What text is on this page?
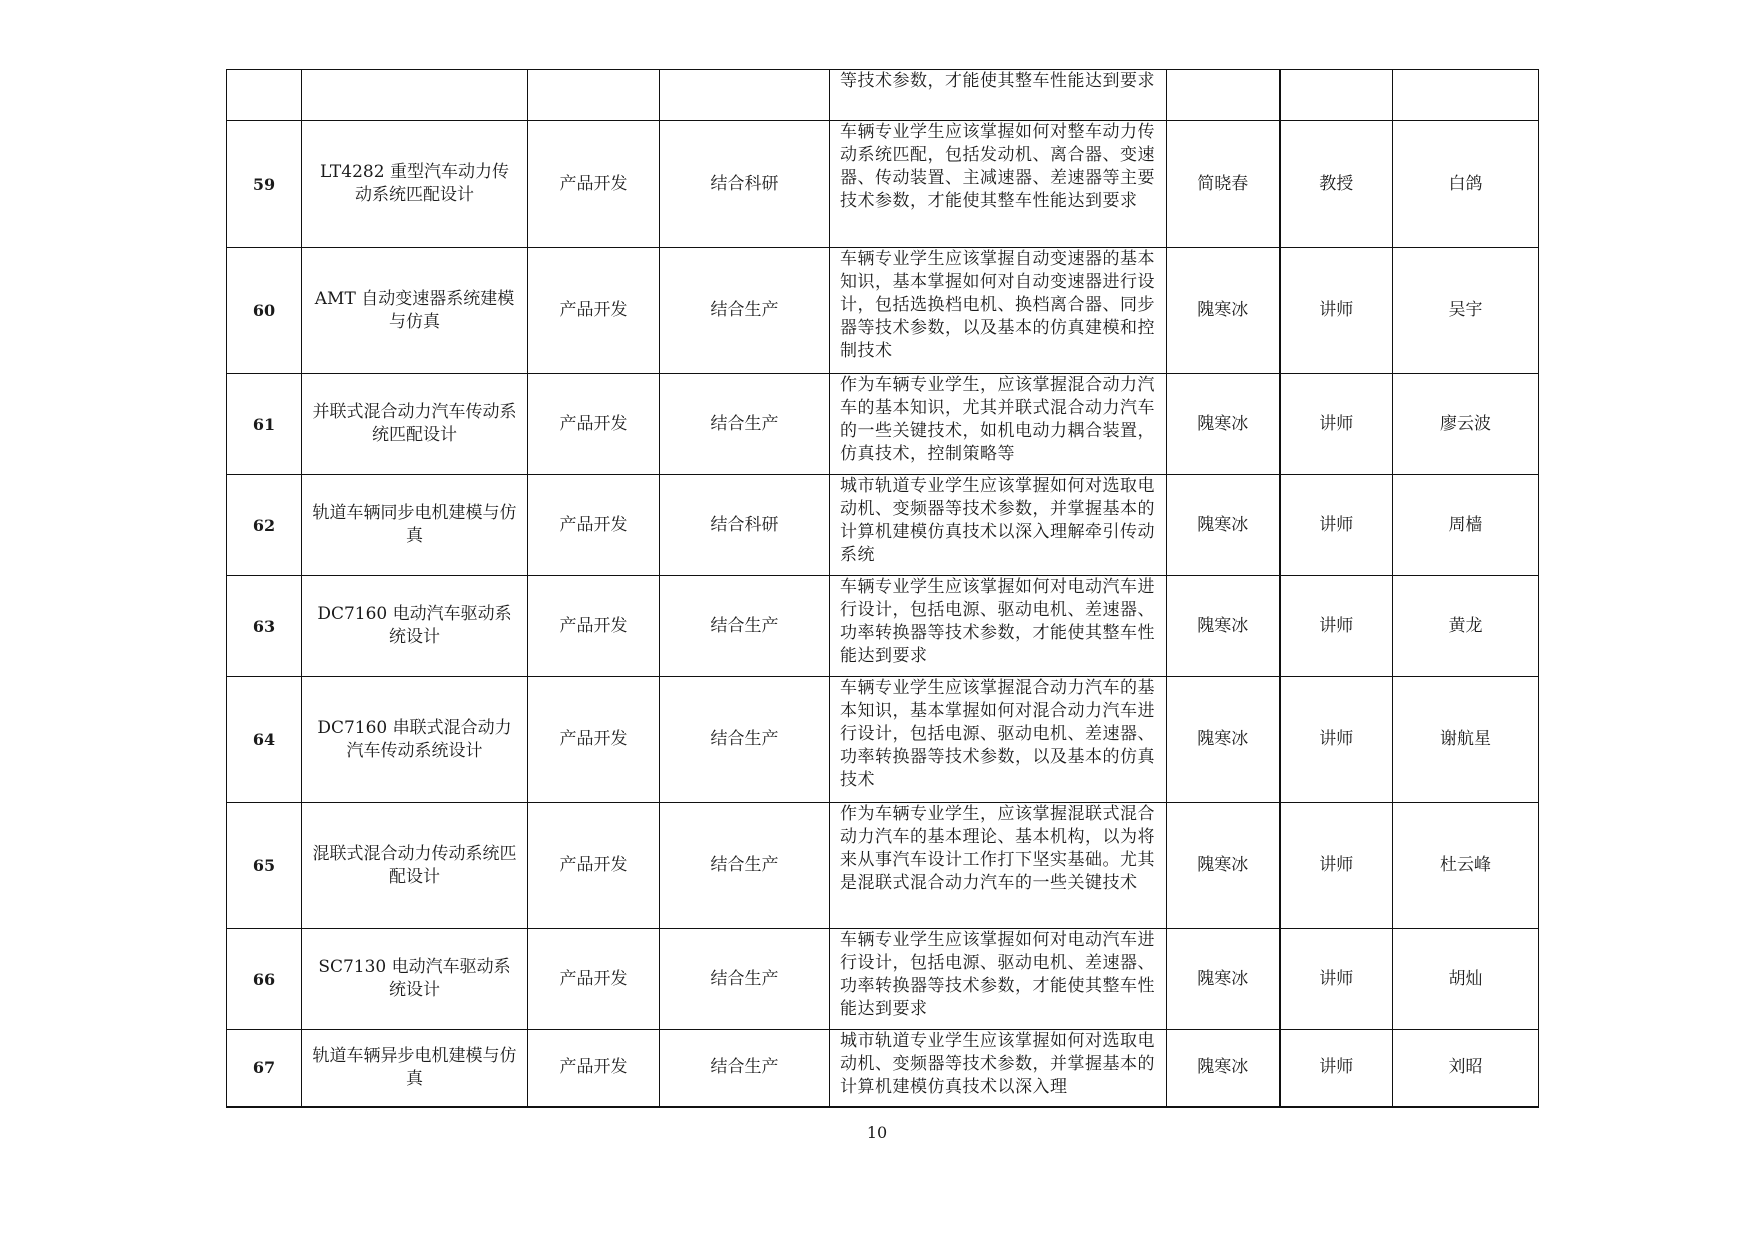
				等技术参数，才能使其整车性能达到要求			
59	LT4282 重型汽车动力传动系统匹配设计	产品开发	结合科研	车辆专业学生应该掌握如何对整车动力传动系统匹配，包括发动机、离合器、变速器、传动装置、主减速器、差速器等主要技术参数，才能使其整车性能达到要求	简晓春	教授	白鸽
60	AMT 自动变速器系统建模与仿真	产品开发	结合生产	车辆专业学生应该掌握自动变速器的基本知识，基本掌握如何对自动变速器进行设计，包括选换档电机、换档离合器、同步器等技术参数，以及基本的仿真建模和控制技术	隗寒冰	讲师	吴宇
61	并联式混合动力汽车传动系统匹配设计	产品开发	结合生产	作为车辆专业学生，应该掌握混合动力汽车的基本知识，尤其并联式混合动力汽车的一些关键技术，如机电动力耦合装置，仿真技术，控制策略等	隗寒冰	讲师	廖云波
62	轨道车辆同步电机建模与仿真	产品开发	结合科研	城市轨道专业学生应该掌握如何对选取电动机、变频器等技术参数，并掌握基本的计算机建模仿真技术以深入理解牵引传动系统	隗寒冰	讲师	周樯
63	DC7160 电动汽车驱动系统设计	产品开发	结合生产	车辆专业学生应该掌握如何对电动汽车进行设计，包括电源、驱动电机、差速器、功率转换器等技术参数，才能使其整车性能达到要求	隗寒冰	讲师	黄龙
64	DC7160 串联式混合动力汽车传动系统设计	产品开发	结合生产	车辆专业学生应该掌握混合动力汽车的基本知识，基本掌握如何对混合动力汽车进行设计，包括电源、驱动电机、差速器、功率转换器等技术参数，以及基本的仿真技术	隗寒冰	讲师	谢航星
65	混联式混合动力传动系统匹配设计	产品开发	结合生产	作为车辆专业学生，应该掌握混联式混合动力汽车的基本理论、基本机构，以为将来从事汽车设计工作打下坚实基础。尤其是混联式混合动力汽车的一些关键技术	隗寒冰	讲师	杜云峰
66	SC7130 电动汽车驱动系统设计	产品开发	结合生产	车辆专业学生应该掌握如何对电动汽车进行设计，包括电源、驱动电机、差速器、功率转换器等技术参数，才能使其整车性能达到要求	隗寒冰	讲师	胡灿
67	轨道车辆异步电机建模与仿真	产品开发	结合生产	城市轨道专业学生应该掌握如何对选取电动机、变频器等技术参数，并掌握基本的计算机建模仿真技术以深入理	隗寒冰	讲师	刘昭
10
